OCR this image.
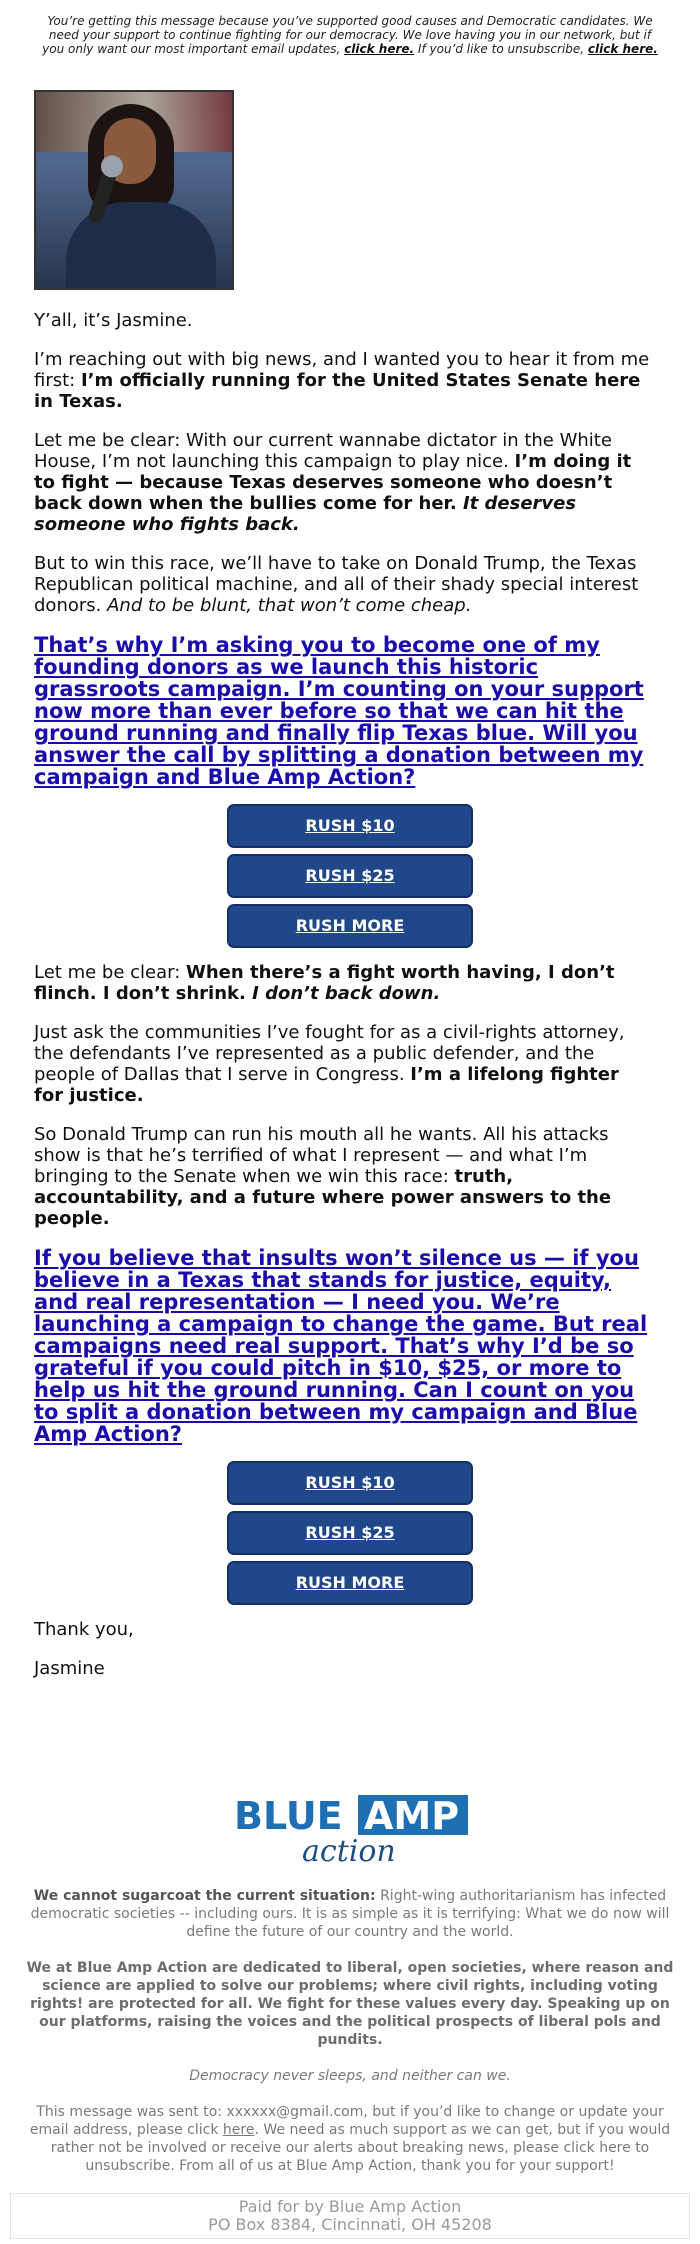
You’re getting this message because you’ve supported good causes and Democratic candidates. We need your support to continue fighting for our democracy. We love having you in our network, but if you only want our most important email updates, click here. If you’d like to unsubscribe, click here.

Y’all, it’s Jasmine.

I’m reaching out with big news, and I wanted you to hear it from me first: I’m officially running for the United States Senate here in Texas.

Let me be clear: With our current wannabe dictator in the White House, I’m not launching this campaign to play nice. I’m doing it to fight — because Texas deserves someone who doesn’t back down when the bullies come for her. It deserves someone who fights back.

But to win this race, we’ll have to take on Donald Trump, the Texas Republican political machine, and all of their shady special interest donors. And to be blunt, that won’t come cheap.

That’s why I’m asking you to become one of my founding donors as we launch this historic grassroots campaign. I’m counting on your support now more than ever before so that we can hit the ground running and finally flip Texas blue. Will you answer the call by splitting a donation between my campaign and Blue Amp Action?
RUSH $10
RUSH $25
RUSH MORE

Let me be clear: When there’s a fight worth having, I don’t flinch. I don’t shrink. I don’t back down.

Just ask the communities I’ve fought for as a civil-rights attorney, the defendants I’ve represented as a public defender, and the people of Dallas that I serve in Congress. I’m a lifelong fighter for justice.

So Donald Trump can run his mouth all he wants. All his attacks show is that he’s terrified of what I represent — and what I’m bringing to the Senate when we win this race: truth, accountability, and a future where power answers to the people.

If you believe that insults won’t silence us — if you believe in a Texas that stands for justice, equity, and real representation — I need you. We’re launching a campaign to change the game. But real campaigns need real support. That’s why I’d be so grateful if you could pitch in $10, $25, or more to help us hit the ground running. Can I count on you to split a donation between my campaign and Blue Amp Action?
RUSH $10
RUSH $25
RUSH MORE

Thank you,

Jasmine

BLUE AMP
action

We cannot sugarcoat the current situation: Right-wing authoritarianism has infected democratic societies -- including ours. It is as simple as it is terrifying: What we do now will define the future of our country and the world.

We at Blue Amp Action are dedicated to liberal, open societies, where reason and science are applied to solve our problems; where civil rights, including voting rights! are protected for all. We fight for these values every day. Speaking up on our platforms, raising the voices and the political prospects of liberal pols and pundits.

Democracy never sleeps, and neither can we.

This message was sent to: xxxxxx@gmail.com, but if you’d like to change or update your email address, please click here. We need as much support as we can get, but if you would rather not be involved or receive our alerts about breaking news, please click here to unsubscribe. From all of us at Blue Amp Action, thank you for your support!

Paid for by Blue Amp Action
PO Box 8384, Cincinnati, OH 45208
